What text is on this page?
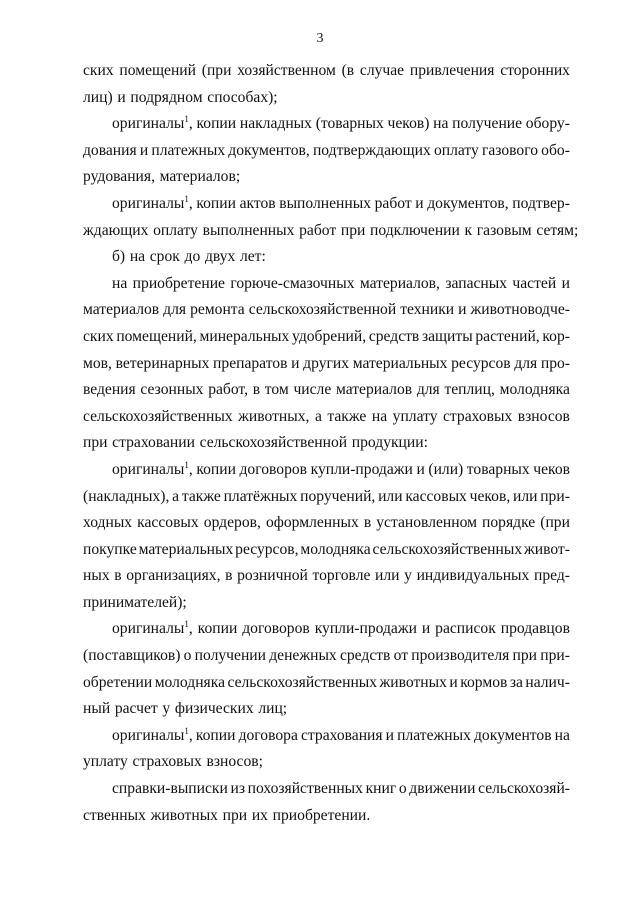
3
ских помещений (при хозяйственном (в случае привлечения сторонних
лиц) и подрядном способах);
оригиналы$^1$, копии накладных (товарных чеков) на получение обору-
дования и платежных документов, подтверждающих оплату газового обо-
рудования, материалов;
оригиналы$^1$, копии актов выполненных работ и документов, подтвер-
ждающих оплату выполненных работ при подключении к газовым сетям;
б) на срок до двух лет:
на приобретение горюче-смазочных материалов, запасных частей и
материалов для ремонта сельскохозяйственной техники и животноводче-
ских помещений, минеральных удобрений, средств защиты растений, кор-
мов, ветеринарных препаратов и других материальных ресурсов для про-
ведения сезонных работ, в том числе материалов для теплиц, молодняка
сельскохозяйственных животных, а также на уплату страховых взносов
при страховании сельскохозяйственной продукции:
оригиналы$^1$, копии договоров купли-продажи и (или) товарных чеков
(накладных), а также платёжных поручений, или кассовых чеков, или при-
ходных кассовых ордеров, оформленных в установленном порядке (при
покупке материальных ресурсов, молодняка сельскохозяйственных живот-
ных в организациях, в розничной торговле или у индивидуальных пред-
принимателей);
оригиналы$^1$, копии договоров купли-продажи и расписок продавцов
(поставщиков) о получении денежных средств от производителя при при-
обретении молодняка сельскохозяйственных животных и кормов за налич-
ный расчет у физических лиц;
оригиналы$^1$, копии договора страхования и платежных документов на
уплату страховых взносов;
справки-выписки из похозяйственных книг о движении сельскохозяй-
ственных животных при их приобретении.
